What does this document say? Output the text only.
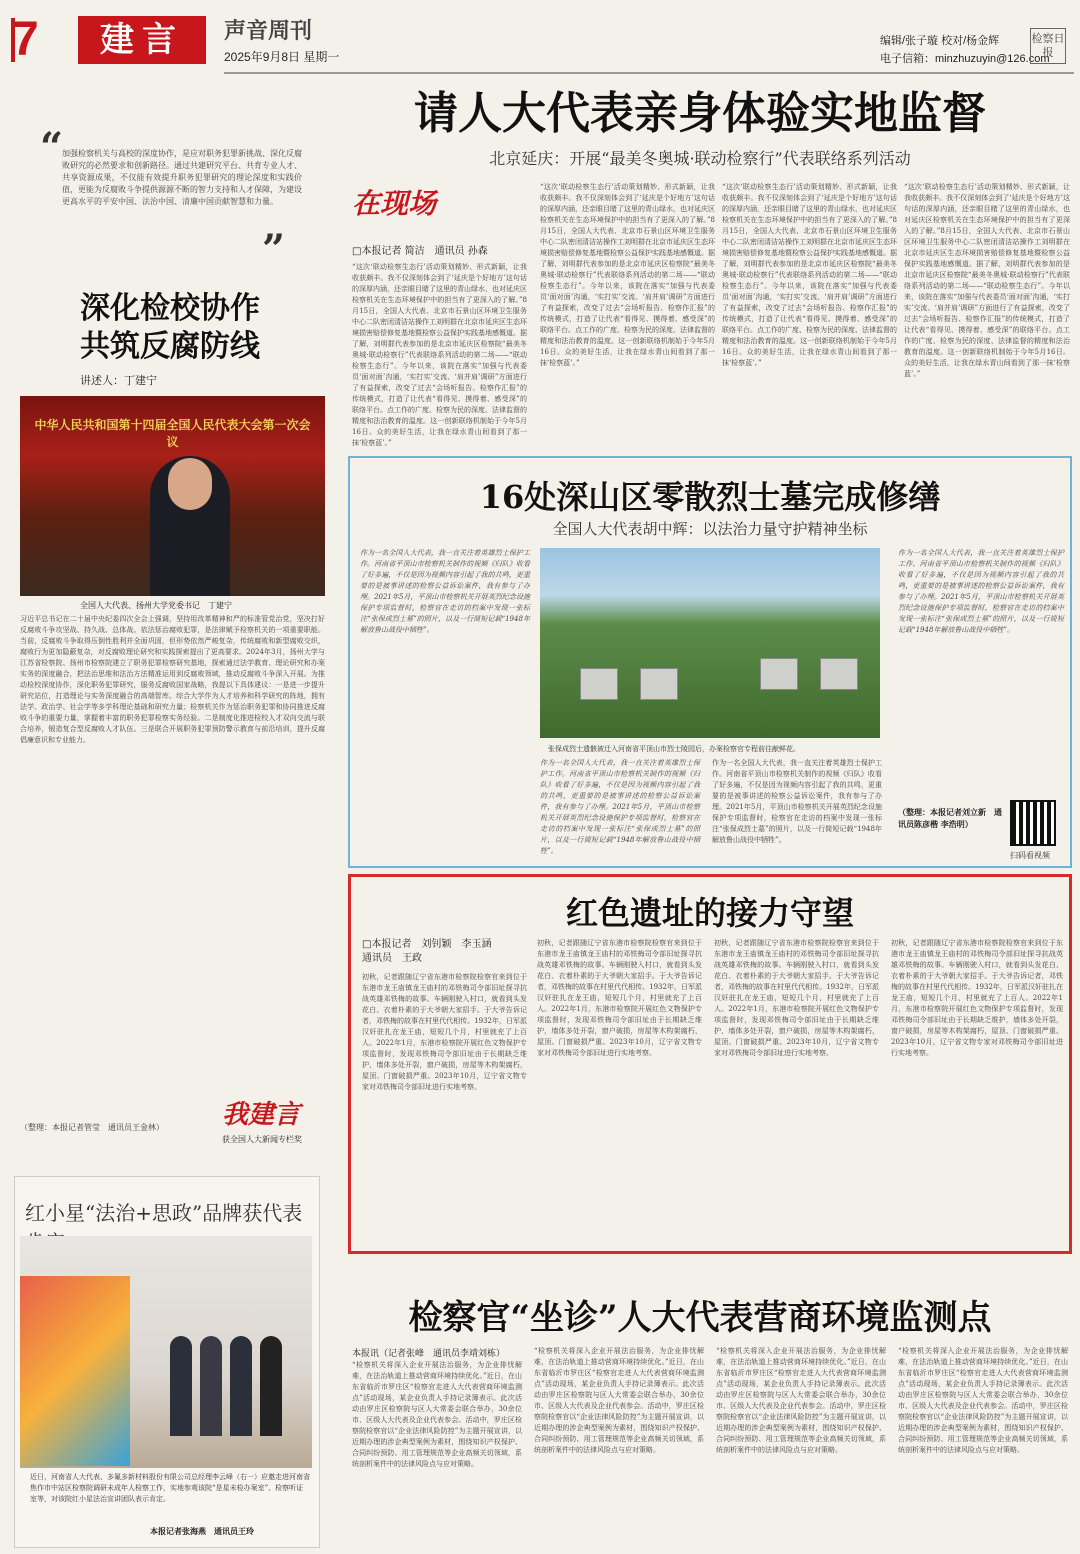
7	建言	声音周刊
2025年9月8日 星期一
编辑/张子璇 校对/杨金辉
电子信箱：minzhuzuyin@126.com
检察日报
“
加强检察机关与高校的深度协作，是应对职务犯罪新挑战、深化反腐败研究的必然要求和创新路径。通过共建研究平台、共育专业人才、共享资源成果，不仅能有效提升职务犯罪研究的理论深度和实践价值，更能为反腐败斗争提供源源不断的智力支持和人才保障，为建设更高水平的平安中国、法治中国、清廉中国贡献智慧和力量。
”
深化检校协作
共筑反腐防线
讲述人：丁建宁
中华人民共和国第十四届全国人民代表大会第一次会议
全国人大代表、扬州大学党委书记　丁建宁
习近平总书记在二十届中央纪委四次全会上强调，坚持用改革精神和严的标准管党治党，坚决打好反腐败斗争攻坚战、持久战、总体战。依法惩治腐败犯罪，是法律赋予检察机关的一项重要职能。当前，反腐败斗争取得压倒性胜利并全面巩固，但形势依然严峻复杂，传统腐败和新型腐败交织，腐败行为更加隐蔽复杂，对反腐败理论研究和实践探索提出了更高要求。2024年3月，扬州大学与江苏省检察院、扬州市检察院建立了职务犯罪检察研究基地，探索通过法学教育、理论研究和办案实务的深度融合，把法治思维和法治方法精准运用到反腐败领域，推动反腐败斗争深入开展。为推动检校深度协作，深化职务犯罪研究，服务反腐败国家战略，我提以下具体建议：一是进一步提升研究站位，打造理论与实务深度融合的高端智库。综合大学作为人才培养和科学研究的阵地，拥有法学、政治学、社会学等多学科理论基础和研究力量；检察机关作为惩治职务犯罪和协同推进反腐败斗争的重要力量，掌握着丰富的职务犯罪检察实务经验。二是制度化推进检校人才双向交流与联合培养，锻造复合型反腐败人才队伍。三是联合开展职务犯罪预防警示教育与前沿培训，提升反腐倡廉意识和专业能力。
我建言
获全国人大新闻专栏奖
（整理：本报记者管莹　通讯员王金林）
红小星“法治+思政”品牌获代表
近日，河南省人大代表、多氟多新材料股份有限公司总经理李云峰（右一）应邀走进河南省焦作市中站区检察院调研未成年人检察工作，实地参观该院“是星未检办案室”、检察听证室等，对该院红小星法治宣讲团队表示肯定。
本报记者张海燕　通讯员王玲
请人大代表亲身体验实地监督
北京延庆：开展“最美冬奥城·联动检察行”代表联络系列活动
在现场
□本报记者 简洁　通讯员 孙森
“这次‘联动检察生态行’活动策划精妙、形式新颖，让我收获颇丰。我不仅深刻体会到了‘延庆是个好地方’这句话的深厚内涵，还亲眼目睹了这里的青山绿水，也对延庆区检察机关在生态环境保护中的担当有了更深入的了解。”8月15日，全国人大代表、北京市石景山区环境卫生服务中心二队密闭清洁站操作工刘明群在北京市延庆区生态环境损害赔偿修复基地暨检察公益保护实践基地感慨道。据了解，刘明群代表参加的是北京市延庆区检察院“最美冬奥城·联动检察行”代表联络系列活动的第二场——“联动检察生态行”。今年以来，该院在落实“加强与代表委员‘面对面’沟通，‘实打实’交流、‘肩并肩’调研”方面进行了有益探索，改变了过去“会场听报告、检察作汇报”的传统模式，打造了让代表“看得见、摸得着、感受深”的联络平台。点工作的广度、检察为民的深度、法律监督的精度和法治教育的温度。这一创新联络机制始于今年5月16日。众的美好生活，让我在绿水青山间看到了那一抹‘检察蓝’。”
“这次‘联动检察生态行’活动策划精妙、形式新颖，让我收获颇丰。我不仅深刻体会到了‘延庆是个好地方’这句话的深厚内涵，还亲眼目睹了这里的青山绿水，也对延庆区检察机关在生态环境保护中的担当有了更深入的了解。”8月15日，全国人大代表、北京市石景山区环境卫生服务中心二队密闭清洁站操作工刘明群在北京市延庆区生态环境损害赔偿修复基地暨检察公益保护实践基地感慨道。据了解，刘明群代表参加的是北京市延庆区检察院“最美冬奥城·联动检察行”代表联络系列活动的第二场——“联动检察生态行”。今年以来，该院在落实“加强与代表委员‘面对面’沟通，‘实打实’交流、‘肩并肩’调研”方面进行了有益探索，改变了过去“会场听报告、检察作汇报”的传统模式，打造了让代表“看得见、摸得着、感受深”的联络平台。点工作的广度、检察为民的深度、法律监督的精度和法治教育的温度。这一创新联络机制始于今年5月16日。众的美好生活，让我在绿水青山间看到了那一抹‘检察蓝’。”
“这次‘联动检察生态行’活动策划精妙、形式新颖，让我收获颇丰。我不仅深刻体会到了‘延庆是个好地方’这句话的深厚内涵，还亲眼目睹了这里的青山绿水，也对延庆区检察机关在生态环境保护中的担当有了更深入的了解。”8月15日，全国人大代表、北京市石景山区环境卫生服务中心二队密闭清洁站操作工刘明群在北京市延庆区生态环境损害赔偿修复基地暨检察公益保护实践基地感慨道。据了解，刘明群代表参加的是北京市延庆区检察院“最美冬奥城·联动检察行”代表联络系列活动的第二场——“联动检察生态行”。今年以来，该院在落实“加强与代表委员‘面对面’沟通，‘实打实’交流、‘肩并肩’调研”方面进行了有益探索，改变了过去“会场听报告、检察作汇报”的传统模式，打造了让代表“看得见、摸得着、感受深”的联络平台。点工作的广度、检察为民的深度、法律监督的精度和法治教育的温度。这一创新联络机制始于今年5月16日。众的美好生活，让我在绿水青山间看到了那一抹‘检察蓝’。”
“这次‘联动检察生态行’活动策划精妙、形式新颖，让我收获颇丰。我不仅深刻体会到了‘延庆是个好地方’这句话的深厚内涵，还亲眼目睹了这里的青山绿水，也对延庆区检察机关在生态环境保护中的担当有了更深入的了解。”8月15日，全国人大代表、北京市石景山区环境卫生服务中心二队密闭清洁站操作工刘明群在北京市延庆区生态环境损害赔偿修复基地暨检察公益保护实践基地感慨道。据了解，刘明群代表参加的是北京市延庆区检察院“最美冬奥城·联动检察行”代表联络系列活动的第二场——“联动检察生态行”。今年以来，该院在落实“加强与代表委员‘面对面’沟通，‘实打实’交流、‘肩并肩’调研”方面进行了有益探索，改变了过去“会场听报告、检察作汇报”的传统模式，打造了让代表“看得见、摸得着、感受深”的联络平台。点工作的广度、检察为民的深度、法律监督的精度和法治教育的温度。这一创新联络机制始于今年5月16日。众的美好生活，让我在绿水青山间看到了那一抹‘检察蓝’。”
16处深山区零散烈士墓完成修缮
全国人大代表胡中辉：以法治力量守护精神坐标
作为一名全国人大代表，我一直关注着英雄烈士保护工作。河南省平顶山市检察机关制作的视频《归队》收看了好多遍，不仅是因为视频内容引起了我的共鸣，更重要的是被事讲述的检察公益诉讼案件，我有参与了办理。2021年5月，平顶山市检察机关开展英烈纪念设施保护专项监督时，检察官在走访的档案中发现一张标注“张保成烈士墓”的照片，以及一行简短记载“1948年解放鲁山战役中牺牲”。
张保成烈士遗骸被迁入河南省平顶山市烈士陵园后，办案检察官专程前往献鲜花。
作为一名全国人大代表，我一直关注着英雄烈士保护工作。河南省平顶山市检察机关制作的视频《归队》收看了好多遍，不仅是因为视频内容引起了我的共鸣，更重要的是被事讲述的检察公益诉讼案件，我有参与了办理。2021年5月，平顶山市检察机关开展英烈纪念设施保护专项监督时，检察官在走访的档案中发现一张标注“张保成烈士墓”的照片，以及一行简短记载“1948年解放鲁山战役中牺牲”。
作为一名全国人大代表，我一直关注着英雄烈士保护工作。河南省平顶山市检察机关制作的视频《归队》收看了好多遍，不仅是因为视频内容引起了我的共鸣，更重要的是被事讲述的检察公益诉讼案件，我有参与了办理。2021年5月，平顶山市检察机关开展英烈纪念设施保护专项监督时，检察官在走访的档案中发现一张标注“张保成烈士墓”的照片，以及一行简短记载“1948年解放鲁山战役中牺牲”。
作为一名全国人大代表，我一直关注着英雄烈士保护工作。河南省平顶山市检察机关制作的视频《归队》收看了好多遍，不仅是因为视频内容引起了我的共鸣，更重要的是被事讲述的检察公益诉讼案件，我有参与了办理。2021年5月，平顶山市检察机关开展英烈纪念设施保护专项监督时，检察官在走访的档案中发现一张标注“张保成烈士墓”的照片，以及一行简短记载“1948年解放鲁山战役中牺牲”。
（整理：本报记者刘立新　通讯员陈彦楷 李浩明）
扫码看视频
红色遗址的接力守望
□本报记者　刘钊颖　李玉涵
通讯员　王政
初秋，记者跟随辽宁省东港市检察院检察官来到位于东港市龙王庙镇龙王庙村的邓铁梅司令部旧址探寻抗战英雄邓铁梅的故事。车辆刚驶入村口，就看到头发花白、衣着朴素的于大爷朝大家招手。于大爷告诉记者，邓铁梅的故事在村里代代相传。1932年，日军派汉奸驻扎在龙王庙，短短几个月，村里就充了上百人。2022年1月，东港市检察院开展红色文物保护专项监督时，发现邓铁梅司令部旧址由于长期缺乏维护，墙体多处开裂，窗户破损，房屋等木构架腐朽，屋顶、门窗破损严重。2023年10月，辽宁省文物专家对邓铁梅司令部旧址进行实地考察。
初秋，记者跟随辽宁省东港市检察院检察官来到位于东港市龙王庙镇龙王庙村的邓铁梅司令部旧址探寻抗战英雄邓铁梅的故事。车辆刚驶入村口，就看到头发花白、衣着朴素的于大爷朝大家招手。于大爷告诉记者，邓铁梅的故事在村里代代相传。1932年，日军派汉奸驻扎在龙王庙，短短几个月，村里就充了上百人。2022年1月，东港市检察院开展红色文物保护专项监督时，发现邓铁梅司令部旧址由于长期缺乏维护，墙体多处开裂，窗户破损，房屋等木构架腐朽，屋顶、门窗破损严重。2023年10月，辽宁省文物专家对邓铁梅司令部旧址进行实地考察。
初秋，记者跟随辽宁省东港市检察院检察官来到位于东港市龙王庙镇龙王庙村的邓铁梅司令部旧址探寻抗战英雄邓铁梅的故事。车辆刚驶入村口，就看到头发花白、衣着朴素的于大爷朝大家招手。于大爷告诉记者，邓铁梅的故事在村里代代相传。1932年，日军派汉奸驻扎在龙王庙，短短几个月，村里就充了上百人。2022年1月，东港市检察院开展红色文物保护专项监督时，发现邓铁梅司令部旧址由于长期缺乏维护，墙体多处开裂，窗户破损，房屋等木构架腐朽，屋顶、门窗破损严重。2023年10月，辽宁省文物专家对邓铁梅司令部旧址进行实地考察。
初秋，记者跟随辽宁省东港市检察院检察官来到位于东港市龙王庙镇龙王庙村的邓铁梅司令部旧址探寻抗战英雄邓铁梅的故事。车辆刚驶入村口，就看到头发花白、衣着朴素的于大爷朝大家招手。于大爷告诉记者，邓铁梅的故事在村里代代相传。1932年，日军派汉奸驻扎在龙王庙，短短几个月，村里就充了上百人。2022年1月，东港市检察院开展红色文物保护专项监督时，发现邓铁梅司令部旧址由于长期缺乏维护，墙体多处开裂，窗户破损，房屋等木构架腐朽，屋顶、门窗破损严重。2023年10月，辽宁省文物专家对邓铁梅司令部旧址进行实地考察。
检察官“坐诊”人大代表营商环境监测点
本报讯（记者张峰　通讯员李靖刘栋）
“检察机关将深入企业开展法治服务，为企业排忧解难，在法治轨道上推动营商环境持续优化。”近日，在山东省临沂市罗庄区“检察官走进人大代表营商环境监测点”活动现场，某企业负责人手持记录簿表示。此次活动由罗庄区检察院与区人大常委会联合举办，30余位市、区级人大代表及企业代表参会。活动中，罗庄区检察院检察官以“企业法律风险防控”为主题开展宣讲，以近期办理的涉企典型案例为素材，围绕知识产权保护、合同纠纷预防、用工管理规范等企业高频关切领域，系统剖析案件中的法律风险点与应对策略。
“检察机关将深入企业开展法治服务，为企业排忧解难，在法治轨道上推动营商环境持续优化。”近日，在山东省临沂市罗庄区“检察官走进人大代表营商环境监测点”活动现场，某企业负责人手持记录簿表示。此次活动由罗庄区检察院与区人大常委会联合举办，30余位市、区级人大代表及企业代表参会。活动中，罗庄区检察院检察官以“企业法律风险防控”为主题开展宣讲，以近期办理的涉企典型案例为素材，围绕知识产权保护、合同纠纷预防、用工管理规范等企业高频关切领域，系统剖析案件中的法律风险点与应对策略。
“检察机关将深入企业开展法治服务，为企业排忧解难，在法治轨道上推动营商环境持续优化。”近日，在山东省临沂市罗庄区“检察官走进人大代表营商环境监测点”活动现场，某企业负责人手持记录簿表示。此次活动由罗庄区检察院与区人大常委会联合举办，30余位市、区级人大代表及企业代表参会。活动中，罗庄区检察院检察官以“企业法律风险防控”为主题开展宣讲，以近期办理的涉企典型案例为素材，围绕知识产权保护、合同纠纷预防、用工管理规范等企业高频关切领域，系统剖析案件中的法律风险点与应对策略。
“检察机关将深入企业开展法治服务，为企业排忧解难，在法治轨道上推动营商环境持续优化。”近日，在山东省临沂市罗庄区“检察官走进人大代表营商环境监测点”活动现场，某企业负责人手持记录簿表示。此次活动由罗庄区检察院与区人大常委会联合举办，30余位市、区级人大代表及企业代表参会。活动中，罗庄区检察院检察官以“企业法律风险防控”为主题开展宣讲，以近期办理的涉企典型案例为素材，围绕知识产权保护、合同纠纷预防、用工管理规范等企业高频关切领域，系统剖析案件中的法律风险点与应对策略。
